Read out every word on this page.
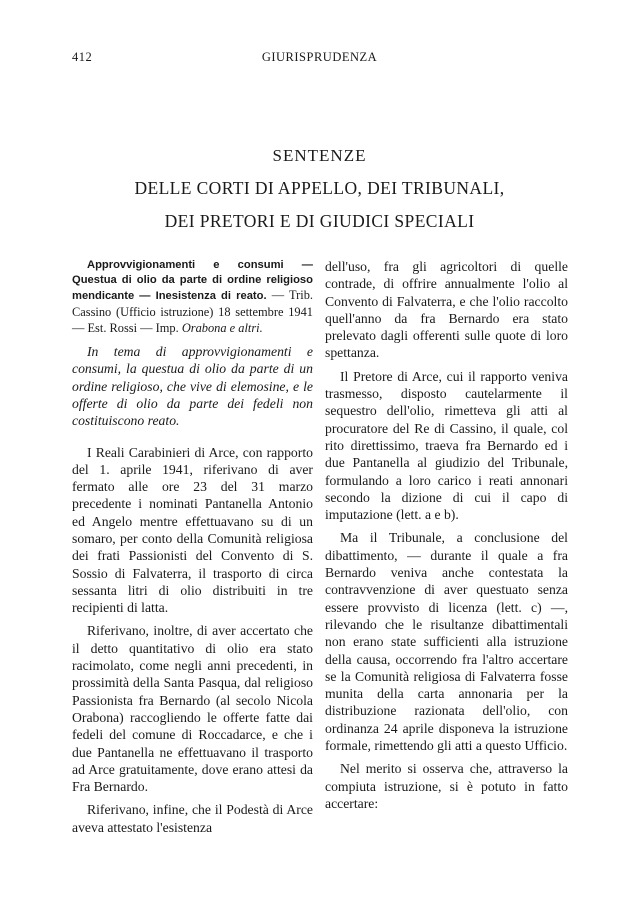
412	GIURISPRUDENZA
SENTENZE
DELLE CORTI DI APPELLO, DEI TRIBUNALI,
DEI PRETORI E DI GIUDICI SPECIALI

Approvvigionamenti e consumi — Questua di olio da parte di ordine religioso mendicante — Inesistenza di reato. — Trib. Cassino (Ufficio istruzione) 18 settembre 1941 — Est. Rossi — Imp. Orabona e altri.

In tema di approvvigionamenti e consumi, la questua di olio da parte di un ordine religioso, che vive di elemosine, e le offerte di olio da parte dei fedeli non costituiscono reato.

I Reali Carabinieri di Arce, con rapporto del 1. aprile 1941, riferivano di aver fermato alle ore 23 del 31 marzo precedente i nominati Pantanella Antonio ed Angelo mentre effettuavano su di un somaro, per conto della Comunità religiosa dei frati Passionisti del Convento di S. Sossio di Falvaterra, il trasporto di circa sessanta litri di olio distribuiti in tre recipienti di latta.

Riferivano, inoltre, di aver accertato che il detto quantitativo di olio era stato racimolato, come negli anni precedenti, in prossimità della Santa Pasqua, dal religioso Passionista fra Bernardo (al secolo Nicola Orabona) raccogliendo le offerte fatte dai fedeli del comune di Roccadarce, e che i due Pantanella ne effettuavano il trasporto ad Arce gratuitamente, dove erano attesi da Fra Bernardo.

Riferivano, infine, che il Podestà di Arce aveva attestato l'esistenza

dell'uso, fra gli agricoltori di quelle contrade, di offrire annualmente l'olio al Convento di Falvaterra, e che l'olio raccolto quell'anno da fra Bernardo era stato prelevato dagli offerenti sulle quote di loro spettanza.

Il Pretore di Arce, cui il rapporto veniva trasmesso, disposto cautelarmente il sequestro dell'olio, rimetteva gli atti al procuratore del Re di Cassino, il quale, col rito direttissimo, traeva fra Bernardo ed i due Pantanella al giudizio del Tribunale, formulando a loro carico i reati annonari secondo la dizione di cui il capo di imputazione (lett. a e b).

Ma il Tribunale, a conclusione del dibattimento, — durante il quale a fra Bernardo veniva anche contestata la contravvenzione di aver questuato senza essere provvisto di licenza (lett. c) —, rilevando che le risultanze dibattimentali non erano state sufficienti alla istruzione della causa, occorrendo fra l'altro accertare se la Comunità religiosa di Falvaterra fosse munita della carta annonaria per la distribuzione razionata dell'olio, con ordinanza 24 aprile disponeva la istruzione formale, rimettendo gli atti a questo Ufficio.

Nel merito si osserva che, attraverso la compiuta istruzione, si è potuto in fatto accertare:
